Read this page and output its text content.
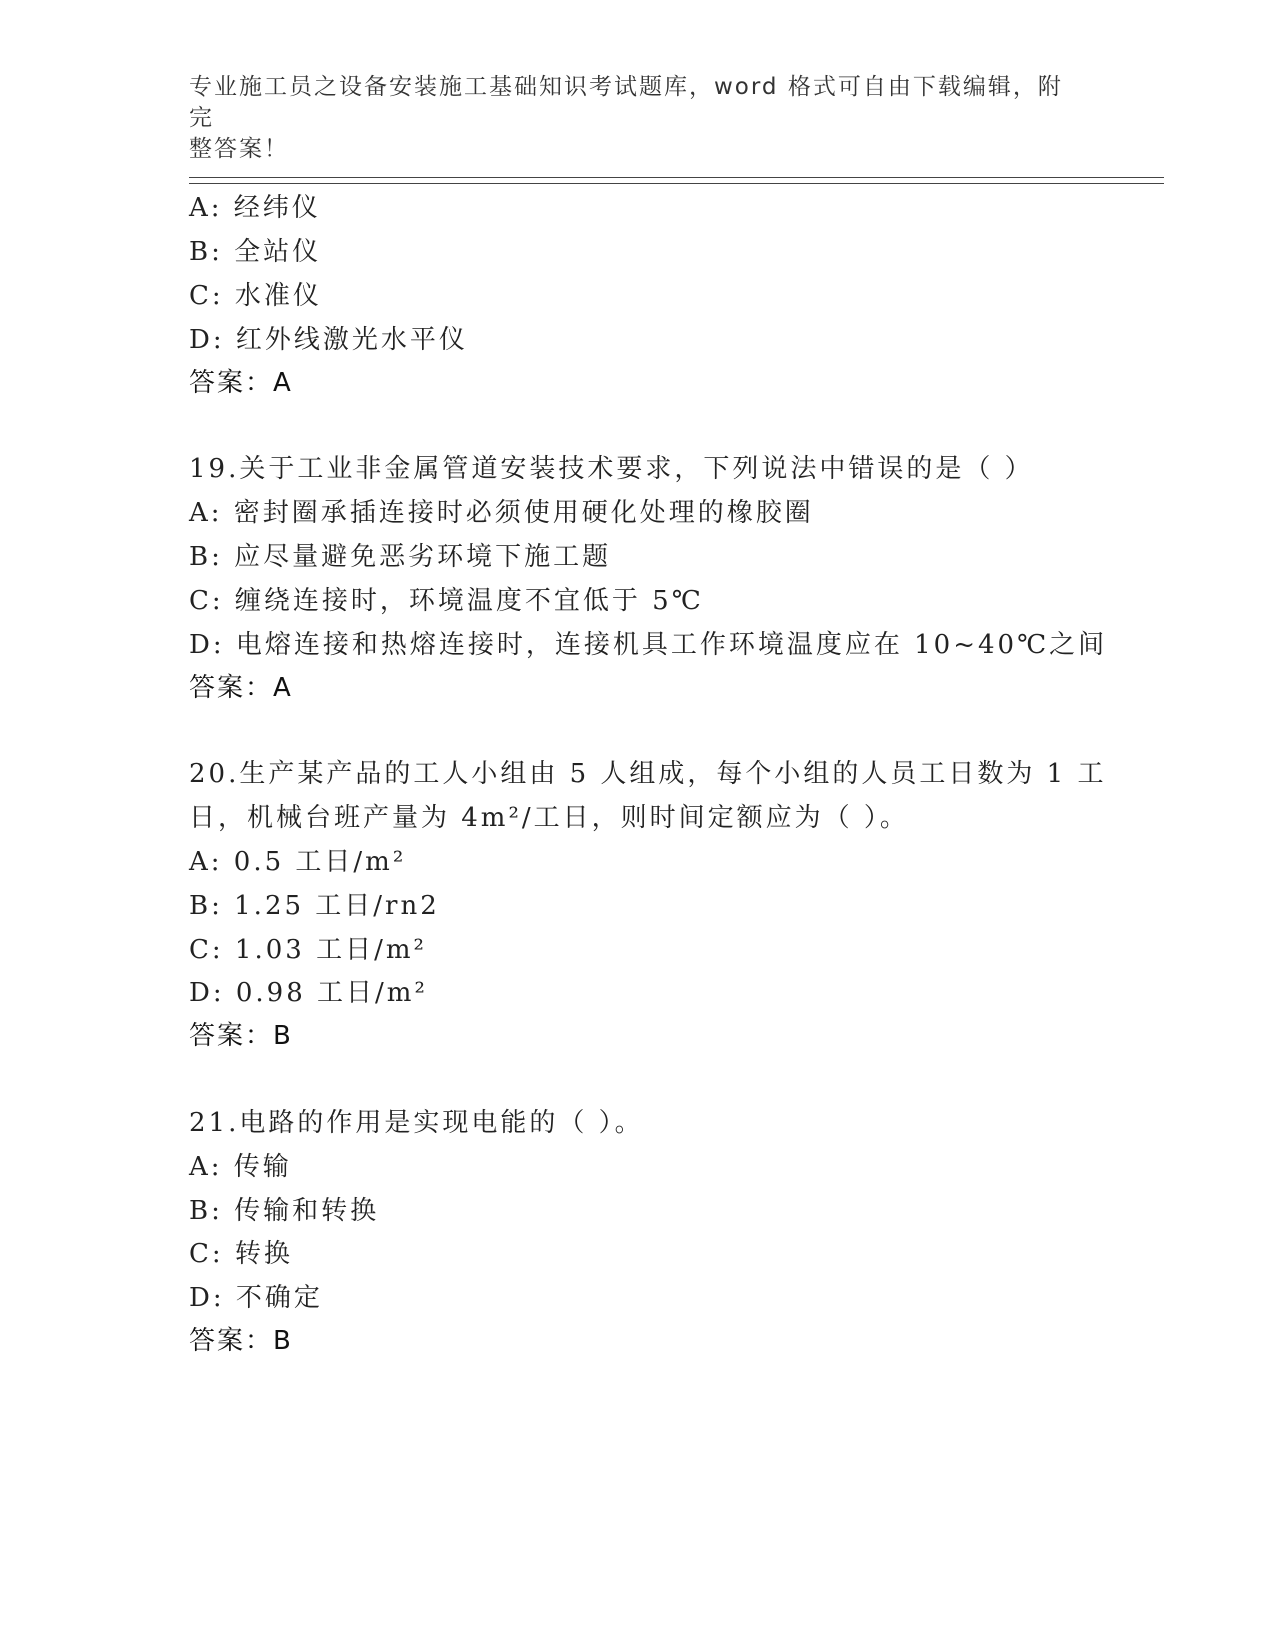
专业施工员之设备安装施工基础知识考试题库，word 格式可自由下载编辑，附完
整答案！
A: 经纬仪
B: 全站仪
C: 水准仪
D: 红外线激光水平仪
答案：A
19.关于工业非金属管道安装技术要求，下列说法中错误的是（ ）
A: 密封圈承插连接时必须使用硬化处理的橡胶圈
B: 应尽量避免恶劣环境下施工题
C: 缠绕连接时，环境温度不宜低于 5℃
D: 电熔连接和热熔连接时，连接机具工作环境温度应在 10~40℃之间
答案：A
20.生产某产品的工人小组由 5 人组成，每个小组的人员工日数为 1 工
日，机械台班产量为 4m²/工日，则时间定额应为（ ）。
A: 0.5 工日/m²
B: 1.25 工日/rn2
C: 1.03 工日/m²
D: 0.98 工日/m²
答案：B
21.电路的作用是实现电能的（ ）。
A: 传输
B: 传输和转换
C: 转换
D: 不确定
答案：B
